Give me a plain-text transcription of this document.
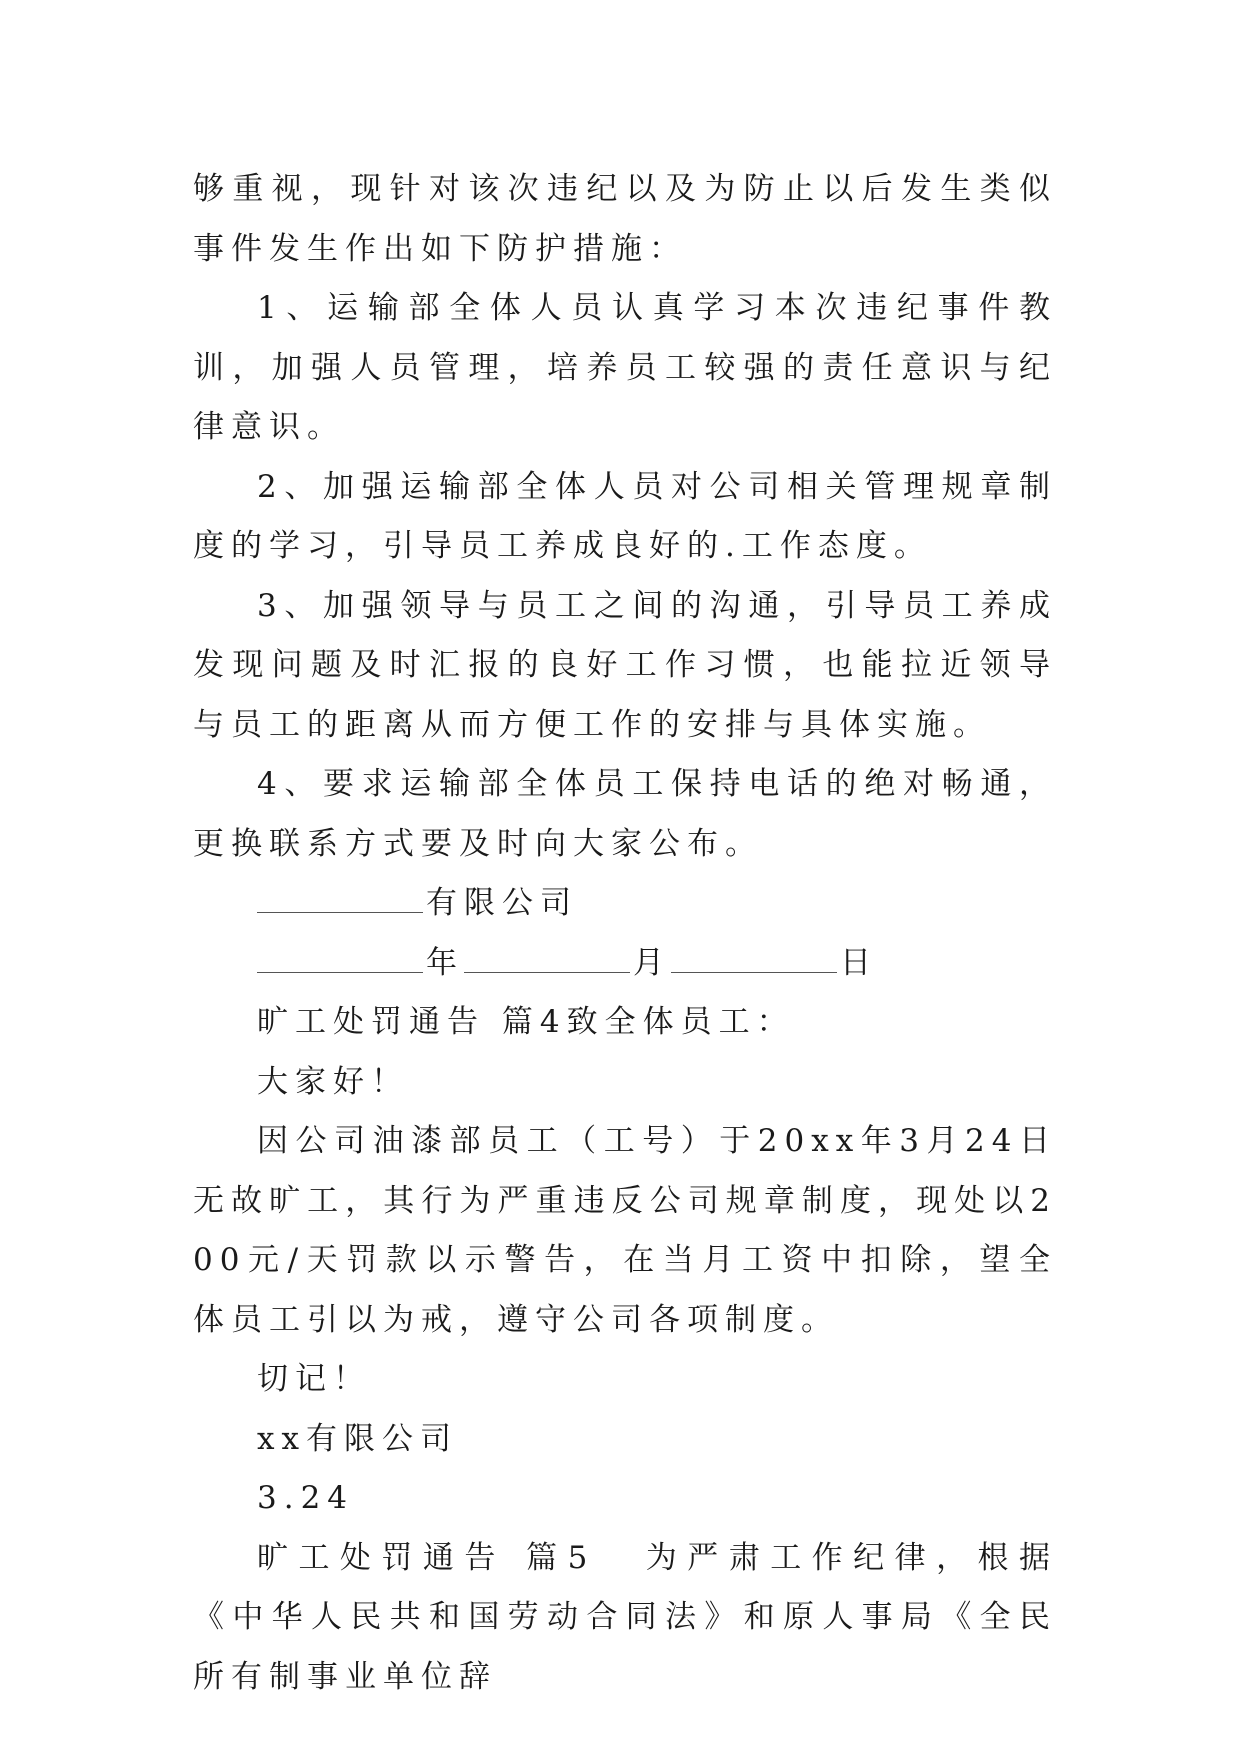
够重视，现针对该次违纪以及为防止以后发生类似事件发生作出如下防护措施：

1、运输部全体人员认真学习本次违纪事件教训，加强人员管理，培养员工较强的责任意识与纪律意识。

2、加强运输部全体人员对公司相关管理规章制度的学习，引导员工养成良好的.工作态度。

3、加强领导与员工之间的沟通，引导员工养成发现问题及时汇报的良好工作习惯，也能拉近领导与员工的距离从而方便工作的安排与具体实施。

4、要求运输部全体员工保持电话的绝对畅通，更换联系方式要及时向大家公布。

有限公司

年	月	日

旷工处罚通告 篇4致全体员工：

大家好！

因公司油漆部员工（工号）于20xx年3月24日无故旷工，其行为严重违反公司规章制度，现处以200元/天罚款以示警告，在当月工资中扣除，望全体员工引以为戒，遵守公司各项制度。

切记！

xx有限公司

3.24

旷工处罚通告 篇5 为严肃工作纪律，根据《中华人民共和国劳动合同法》和原人事局《全民所有制事业单位辞
